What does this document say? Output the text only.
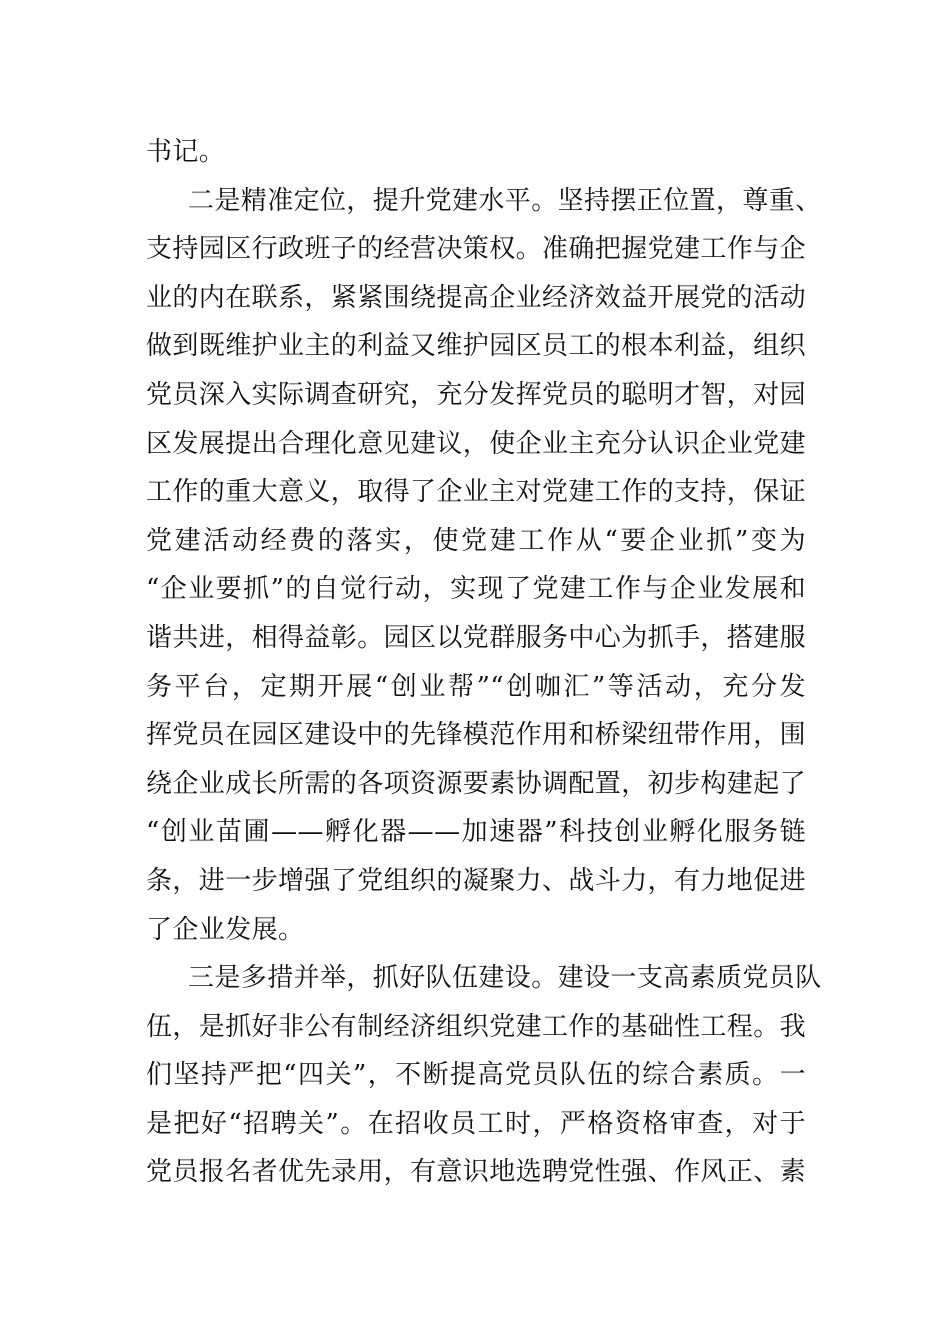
书记。
二是精准定位，提升党建水平。坚持摆正位置，尊重、
支持园区行政班子的经营决策权。准确把握党建工作与企
业的内在联系，紧紧围绕提高企业经济效益开展党的活动
做到既维护业主的利益又维护园区员工的根本利益，组织
党员深入实际调查研究，充分发挥党员的聪明才智，对园
区发展提出合理化意见建议，使企业主充分认识企业党建
工作的重大意义，取得了企业主对党建工作的支持，保证
党建活动经费的落实，使党建工作从“要企业抓”变为
“企业要抓”的自觉行动，实现了党建工作与企业发展和
谐共进，相得益彰。园区以党群服务中心为抓手，搭建服
务平台，定期开展“创业帮”“创咖汇”等活动，充分发
挥党员在园区建设中的先锋模范作用和桥梁纽带作用，围
绕企业成长所需的各项资源要素协调配置，初步构建起了
“创业苗圃——孵化器——加速器”科技创业孵化服务链
条，进一步增强了党组织的凝聚力、战斗力，有力地促进
了企业发展。
三是多措并举，抓好队伍建设。建设一支高素质党员队
伍，是抓好非公有制经济组织党建工作的基础性工程。我
们坚持严把“四关”，不断提高党员队伍的综合素质。一
是把好“招聘关”。在招收员工时，严格资格审查，对于
党员报名者优先录用，有意识地选聘党性强、作风正、素
